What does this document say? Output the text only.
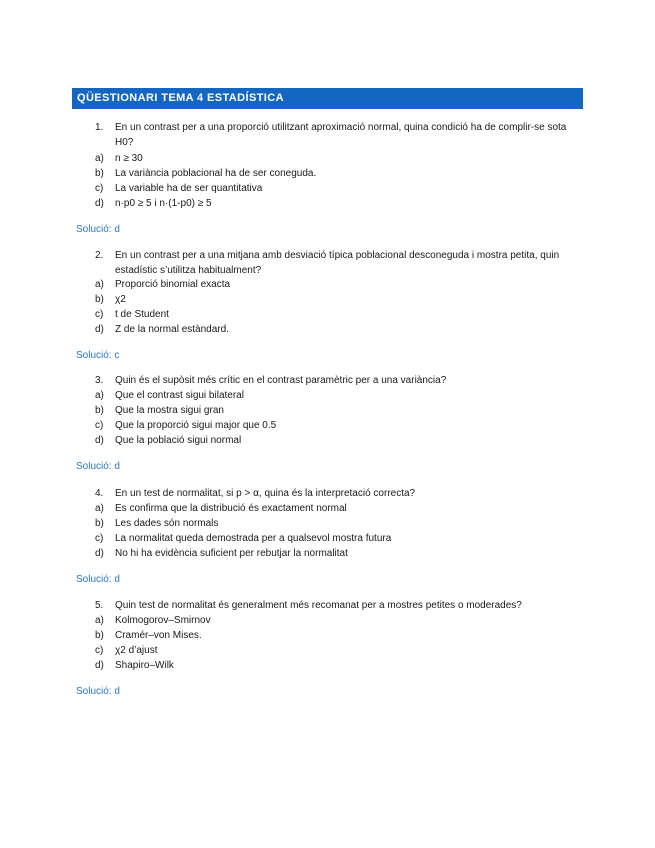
QÜESTIONARI TEMA 4 ESTADÍSTICA
1. En un contrast per a una proporció utilitzant aproximació normal, quina condició ha de complir-se sota H0?
a) n ≥ 30
b) La variància poblacional ha de ser coneguda.
c) La variable ha de ser quantitativa
d) n·p0 ≥ 5 i n·(1-p0) ≥ 5
Solució: d
2. En un contrast per a una mitjana amb desviació típica poblacional desconeguda i mostra petita, quin estadístic s’utilitza habitualment?
a) Proporció binomial exacta
b) χ2
c) t de Student
d) Z de la normal estàndard.
Solució: c
3. Quin és el supòsit més crític en el contrast paramètric per a una variància?
a) Que el contrast sigui bilateral
b) Que la mostra sigui gran
c) Que la proporció sigui major que 0.5
d) Que la població sigui normal
Solució: d
4. En un test de normalitat, si p > α, quina és la interpretació correcta?
a) Es confirma que la distribució és exactament normal
b) Les dades són normals
c) La normalitat queda demostrada per a qualsevol mostra futura
d) No hi ha evidència suficient per rebutjar la normalitat
Solució: d
5. Quin test de normalitat és generalment més recomanat per a mostres petites o moderades?
a) Kolmogorov–Smirnov
b) Cramér–von Mises.
c) χ2 d’ajust
d) Shapiro–Wilk
Solució: d
